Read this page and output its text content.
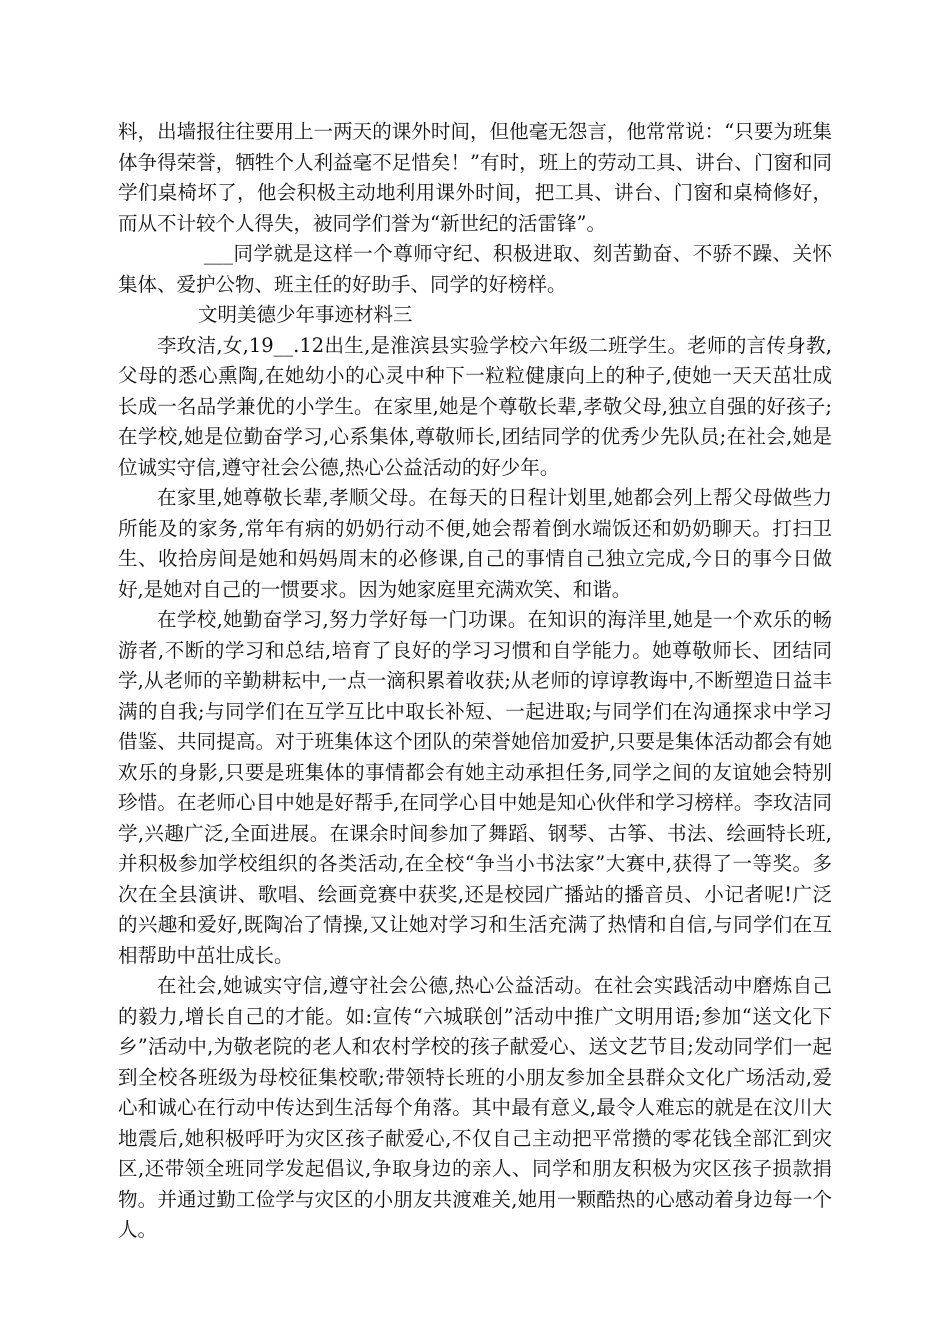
料，出墙报往往要用上一两天的课外时间，但他毫无怨言，他常常说：“只要为班集体争得荣誉，牺牲个人利益毫不足惜矣！”有时，班上的劳动工具、讲台、门窗和同学们桌椅坏了，他会积极主动地利用课外时间，把工具、讲台、门窗和桌椅修好，而从不计较个人得失，被同学们誉为“新世纪的活雷锋”。

___同学就是这样一个尊师守纪、积极进取、刻苦勤奋、不骄不躁、关怀集体、爱护公物、班主任的好助手、同学的好榜样。

文明美德少年事迹材料三

李玫洁,女,19__.12出生,是淮滨县实验学校六年级二班学生。老师的言传身教,父母的悉心熏陶,在她幼小的心灵中种下一粒粒健康向上的种子,使她一天天茁壮成长成一名品学兼优的小学生。在家里,她是个尊敬长辈,孝敬父母,独立自强的好孩子;在学校,她是位勤奋学习,心系集体,尊敬师长,团结同学的优秀少先队员;在社会,她是位诚实守信,遵守社会公德,热心公益活动的好少年。

在家里,她尊敬长辈,孝顺父母。在每天的日程计划里,她都会列上帮父母做些力所能及的家务,常年有病的奶奶行动不便,她会帮着倒水端饭还和奶奶聊天。打扫卫生、收拾房间是她和妈妈周末的必修课,自己的事情自己独立完成,今日的事今日做好,是她对自己的一惯要求。因为她家庭里充满欢笑、和谐。

在学校,她勤奋学习,努力学好每一门功课。在知识的海洋里,她是一个欢乐的畅游者,不断的学习和总结,培育了良好的学习习惯和自学能力。她尊敬师长、团结同学,从老师的辛勤耕耘中,一点一滴积累着收获;从老师的谆谆教诲中,不断塑造日益丰满的自我;与同学们在互学互比中取长补短、一起进取;与同学们在沟通探求中学习借鉴、共同提高。对于班集体这个团队的荣誉她倍加爱护,只要是集体活动都会有她欢乐的身影,只要是班集体的事情都会有她主动承担任务,同学之间的友谊她会特别珍惜。在老师心目中她是好帮手,在同学心目中她是知心伙伴和学习榜样。李玫洁同学,兴趣广泛,全面进展。在课余时间参加了舞蹈、钢琴、古筝、书法、绘画特长班,并积极参加学校组织的各类活动,在全校“争当小书法家”大赛中,获得了一等奖。多次在全县演讲、歌唱、绘画竞赛中获奖,还是校园广播站的播音员、小记者呢!广泛的兴趣和爱好,既陶冶了情操,又让她对学习和生活充满了热情和自信,与同学们在互相帮助中茁壮成长。

在社会,她诚实守信,遵守社会公德,热心公益活动。在社会实践活动中磨炼自己的毅力,增长自己的才能。如:宣传“六城联创”活动中推广文明用语;参加“送文化下乡”活动中,为敬老院的老人和农村学校的孩子献爱心、送文艺节目;发动同学们一起到全校各班级为母校征集校歌;带领特长班的小朋友参加全县群众文化广场活动,爱心和诚心在行动中传达到生活每个角落。其中最有意义,最令人难忘的就是在汶川大地震后,她积极呼吁为灾区孩子献爱心,不仅自己主动把平常攒的零花钱全部汇到灾区,还带领全班同学发起倡议,争取身边的亲人、同学和朋友积极为灾区孩子损款捐物。并通过勤工俭学与灾区的小朋友共渡难关,她用一颗酷热的心感动着身边每一个人。
